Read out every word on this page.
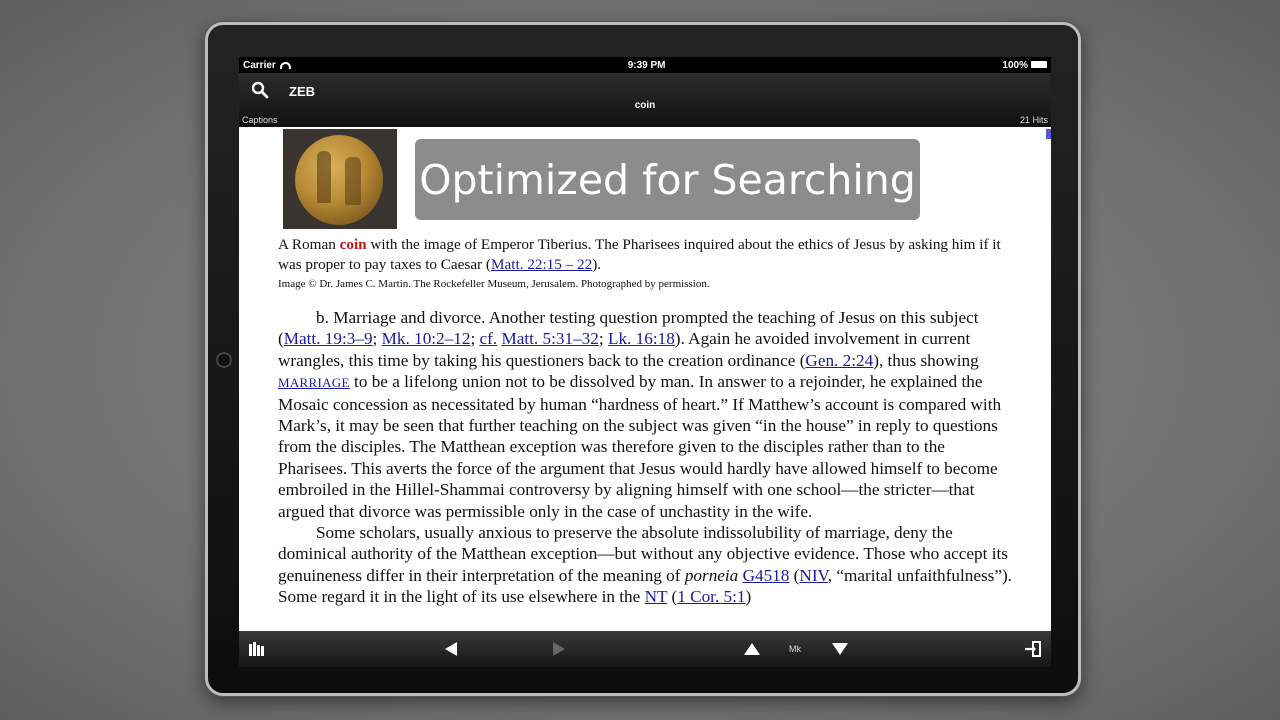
Carrier	9:39 PM	100%
ZEB
coin
Captions	21 Hits
Optimized for Searching
A Roman coin with the image of Emperor Tiberius. The Pharisees inquired about the ethics of Jesus by asking him if it was proper to pay taxes to Caesar (Matt. 22:15 – 22).
Image © Dr. James C. Martin. The Rockefeller Museum, Jerusalem. Photographed by permission.

b. Marriage and divorce. Another testing question prompted the teaching of Jesus on this subject (Matt. 19:3–9; Mk. 10:2–12; cf. Matt. 5:31–32; Lk. 16:18). Again he avoided involvement in current wrangles, this time by taking his questioners back to the creation ordinance (Gen. 2:24), thus showing MARRIAGE to be a lifelong union not to be dissolved by man. In answer to a rejoinder, he explained the Mosaic concession as necessitated by human “hardness of heart.” If Matthew’s account is compared with Mark’s, it may be seen that further teaching on the subject was given “in the house” in reply to questions from the disciples. The Matthean exception was therefore given to the disciples rather than to the Pharisees. This averts the force of the argument that Jesus would hardly have allowed himself to become embroiled in the Hillel-Shammai controversy by aligning himself with one school—the stricter—that argued that divorce was permissible only in the case of unchastity in the wife.

Some scholars, usually anxious to preserve the absolute indissolubility of marriage, deny the dominical authority of the Matthean exception—but without any objective evidence. Those who accept its genuineness differ in their interpretation of the meaning of porneia G4518 (NIV, “marital unfaithfulness”). Some regard it in the light of its use elsewhere in the NT (1 Cor. 5:1)

Mk
